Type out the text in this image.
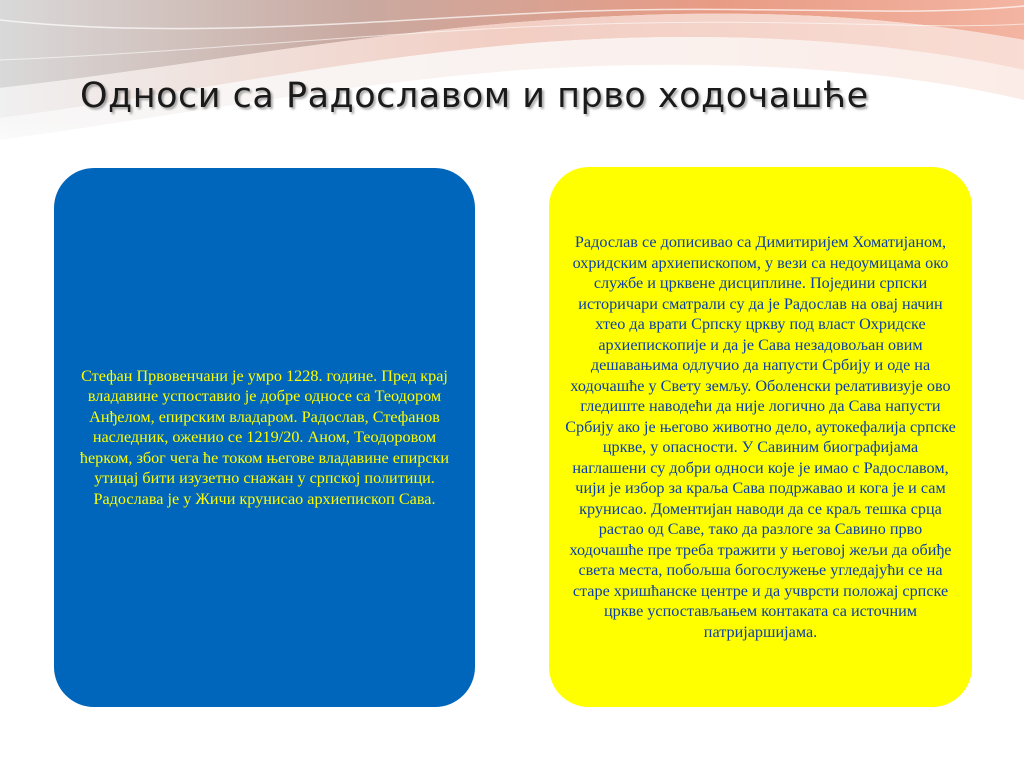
Односи са Радославом и прво ходочашће

Стефан Првовенчани је умро 1228. године. Пред крај владавине успоставио је добре односе са Теодором Анђелом, епирским владаром. Радослав, Стефанов наследник, ожениo се 1219/20. Аном, Теодоровом ћерком, због чега ће током његове владавине епирски утицај бити изузетно снажан у српској политици. Радослава је у Жичи крунисао архиепископ Сава.

Радослав се дописивао са Димитиријем Хоматијаном, охридским архиепископом, у вези са недоумицама око службе и црквене дисциплине. Поједини српски историчари сматрали су да је Радослав на овај начин хтео да врати Српску цркву под власт Охридске архиепископије и да је Сава незадовољан овим дешавањима одлучио да напусти Србију и оде на ходочашће у Свету земљу. Оболенски релативизује ово гледиште наводећи да није логично да Сава напусти Србију ако је његово животно дело, аутокефалија српске цркве, у опасности. У Савиним биографијама наглашени су добри односи које је имао с Радославом, чији је избор за краља Сава подржавао и кога је и сам крунисао. Доментијан наводи да се краљ тешка срца растао од Саве, тако да разлоге за Савино прво ходочашће пре треба тражити у његовој жељи да обиђе света места, побољша богослужење угледајући се на старе хришћанске центре и да учврсти положај српске цркве успостављањем контаката са источним патријаршијама.
